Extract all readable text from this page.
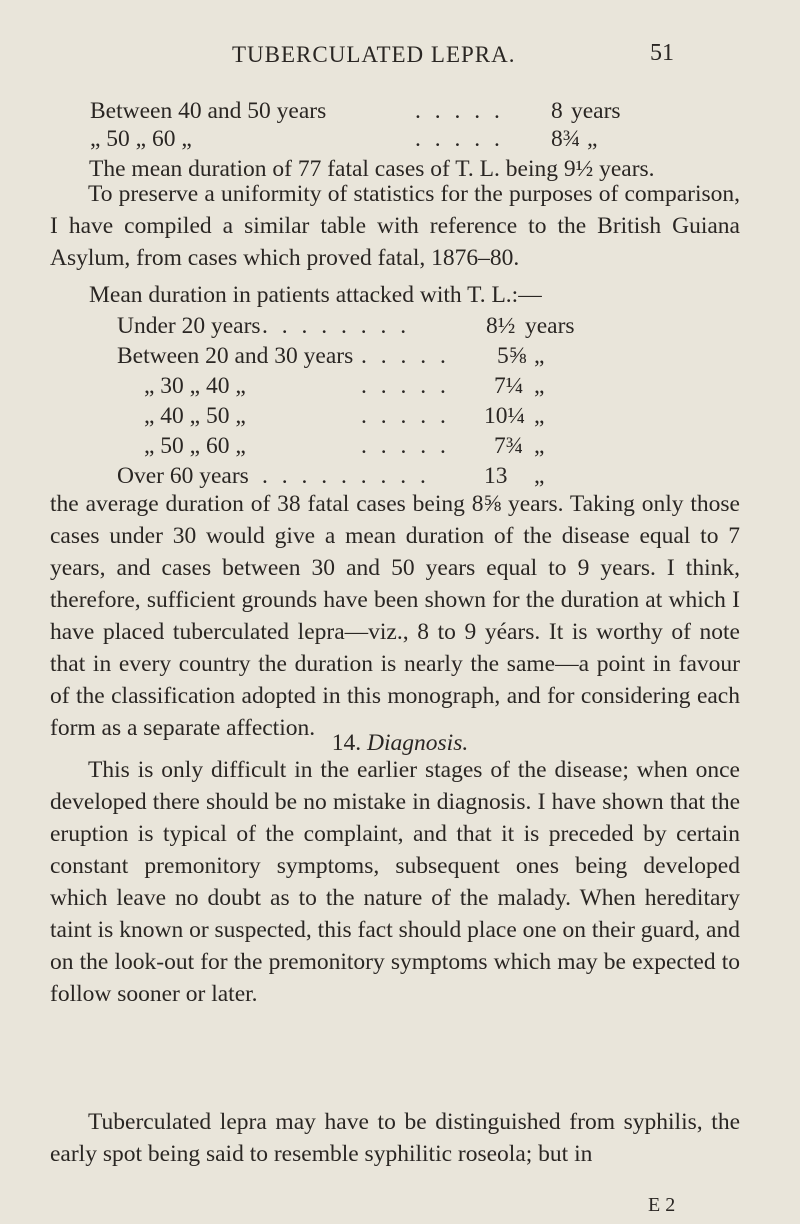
TUBERCULATED LEPRA.	51
Between 40 and 50 years	. . . . . 8 years
„ 50 „ 60 „	. . . . . 8¾ „
The mean duration of 77 fatal cases of T. L. being 9½ years.

To preserve a uniformity of statistics for the purposes of comparison, I have compiled a similar table with reference to the British Guiana Asylum, from cases which proved fatal, 1876–80.

Mean duration in patients attacked with T. L.:—
Under 20 years . . . . . . . .	8½ years
Between 20 and 30 years . . . . . 5⅝ „
„ 30 „ 40 „	. . . . . 7¼ „
„ 40 „ 50 „	. . . . . 10¼ „
„ 50 „ 60 „	. . . . . 7¾ „
Over 60 years . . . . . . . . . 13 „

the average duration of 38 fatal cases being 8⅝ years. Taking only those cases under 30 would give a mean duration of the disease equal to 7 years, and cases between 30 and 50 years equal to 9 years. I think, therefore, sufficient grounds have been shown for the duration at which I have placed tuberculated lepra—viz., 8 to 9 yéars. It is worthy of note that in every country the duration is nearly the same—a point in favour of the classification adopted in this monograph, and for considering each form as a separate affection.

14. Diagnosis.

This is only difficult in the earlier stages of the disease; when once developed there should be no mistake in diagnosis. I have shown that the eruption is typical of the complaint, and that it is preceded by certain constant premonitory symptoms, subsequent ones being developed which leave no doubt as to the nature of the malady. When hereditary taint is known or suspected, this fact should place one on their guard, and on the look-out for the premonitory symptoms which may be expected to follow sooner or later.

Tuberculated lepra may have to be distinguished from syphilis, the early spot being said to resemble syphilitic roseola; but in

E 2
